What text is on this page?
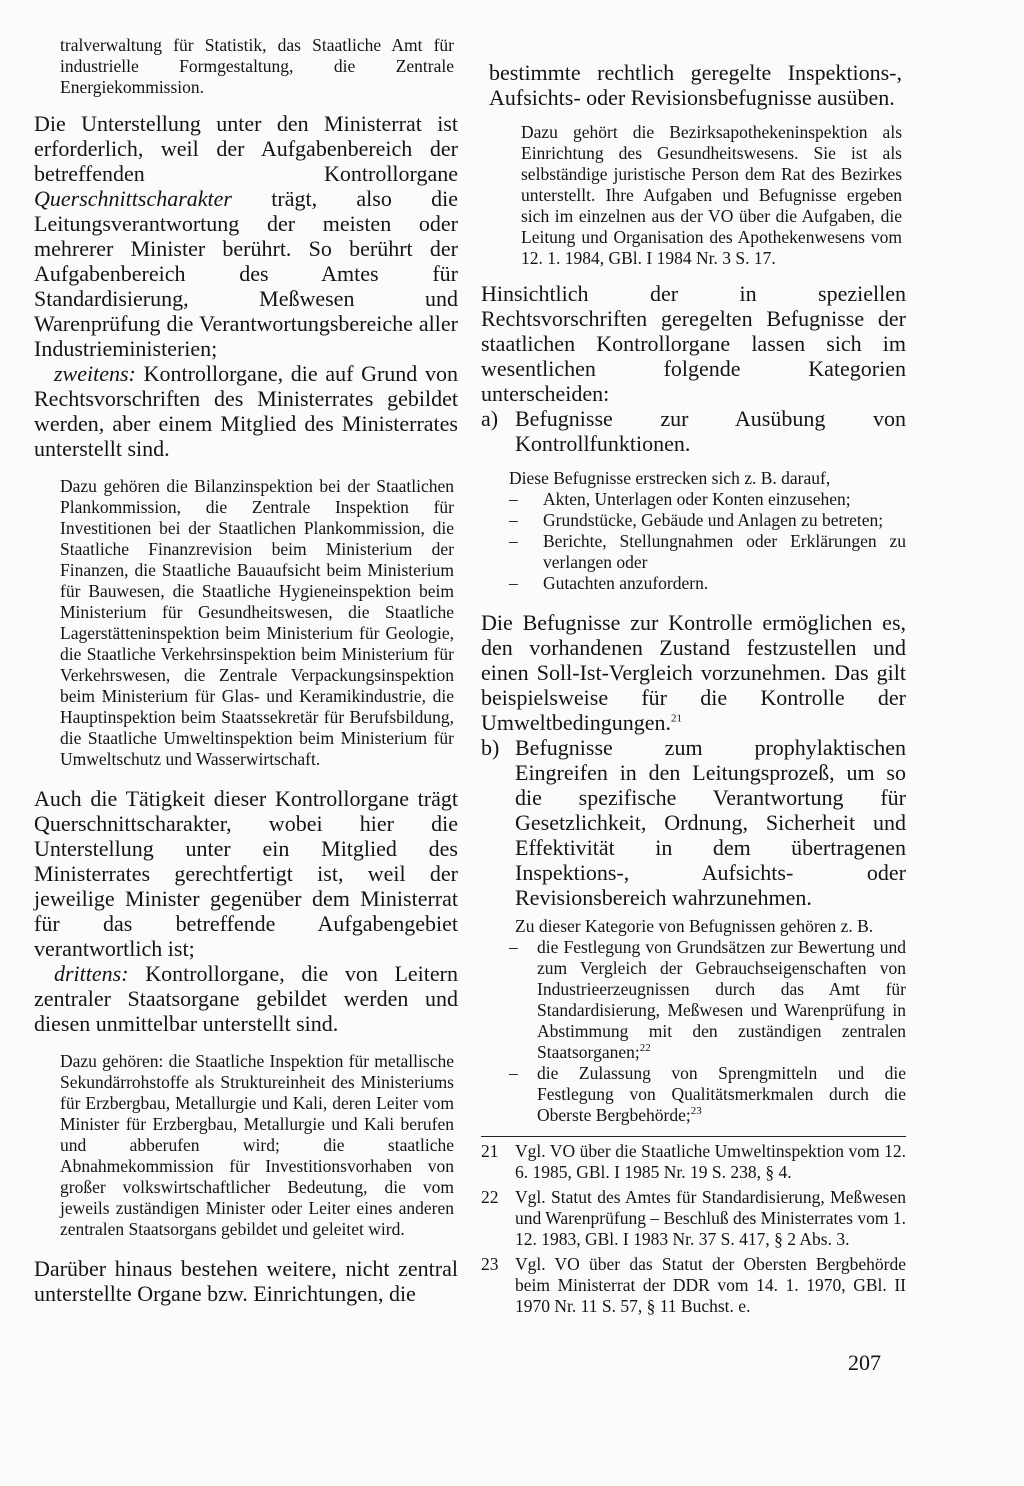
tralverwaltung für Statistik, das Staatliche Amt für industrielle Formgestaltung, die Zentrale Energiekommission.

Die Unterstellung unter den Ministerrat ist erforderlich, weil der Aufgabenbereich der betreffenden Kontrollorgane Querschnittscharakter trägt, also die Leitungsverantwortung der meisten oder mehrerer Minister berührt. So berührt der Aufgabenbereich des Amtes für Standardisierung, Meßwesen und Warenprüfung die Verantwortungsbereiche aller Industrieministerien;

zweitens: Kontrollorgane, die auf Grund von Rechtsvorschriften des Ministerrates gebildet werden, aber einem Mitglied des Ministerrates unterstellt sind.

Dazu gehören die Bilanzinspektion bei der Staatlichen Plankommission, die Zentrale Inspektion für Investitionen bei der Staatlichen Plankommission, die Staatliche Finanzrevision beim Ministerium der Finanzen, die Staatliche Bauaufsicht beim Ministerium für Bauwesen, die Staatliche Hygieneinspektion beim Ministerium für Gesundheitswesen, die Staatliche Lagerstätteninspektion beim Ministerium für Geologie, die Staatliche Verkehrsinspektion beim Ministerium für Verkehrswesen, die Zentrale Verpackungsinspektion beim Ministerium für Glas- und Keramikindustrie, die Hauptinspektion beim Staatssekretär für Berufsbildung, die Staatliche Umweltinspektion beim Ministerium für Umweltschutz und Wasserwirtschaft.

Auch die Tätigkeit dieser Kontrollorgane trägt Querschnittscharakter, wobei hier die Unterstellung unter ein Mitglied des Ministerrates gerechtfertigt ist, weil der jeweilige Minister gegenüber dem Ministerrat für das betreffende Aufgabengebiet verantwortlich ist;

drittens: Kontrollorgane, die von Leitern zentraler Staatsorgane gebildet werden und diesen unmittelbar unterstellt sind.

Dazu gehören: die Staatliche Inspektion für metallische Sekundärrohstoffe als Struktureinheit des Ministeriums für Erzbergbau, Metallurgie und Kali, deren Leiter vom Minister für Erzbergbau, Metallurgie und Kali berufen und abberufen wird; die staatliche Abnahmekommission für Investitionsvorhaben von großer volkswirtschaftlicher Bedeutung, die vom jeweils zuständigen Minister oder Leiter eines anderen zentralen Staatsorgans gebildet und geleitet wird.

Darüber hinaus bestehen weitere, nicht zentral unterstellte Organe bzw. Einrichtungen, die

bestimmte rechtlich geregelte Inspektions-, Aufsichts- oder Revisionsbefugnisse ausüben.

Dazu gehört die Bezirksapothekeninspektion als Einrichtung des Gesundheitswesens. Sie ist als selbständige juristische Person dem Rat des Bezirkes unterstellt. Ihre Aufgaben und Befugnisse ergeben sich im einzelnen aus der VO über die Aufgaben, die Leitung und Organisation des Apothekenwesens vom 12. 1. 1984, GBl. I 1984 Nr. 3 S. 17.

Hinsichtlich der in speziellen Rechtsvorschriften geregelten Befugnisse der staatlichen Kontrollorgane lassen sich im wesentlichen folgende Kategorien unterscheiden:

a) Befugnisse zur Ausübung von Kontrollfunktionen.

Diese Befugnisse erstrecken sich z. B. darauf,

–	Akten, Unterlagen oder Konten einzusehen;
–	Grundstücke, Gebäude und Anlagen zu betreten;
–	Berichte, Stellungnahmen oder Erklärungen zu verlangen oder
–	Gutachten anzufordern.

Die Befugnisse zur Kontrolle ermöglichen es, den vorhandenen Zustand festzustellen und einen Soll-Ist-Vergleich vorzunehmen. Das gilt beispielsweise für die Kontrolle der Umweltbedingungen.$^{21}$

b) Befugnisse zum prophylaktischen Eingreifen in den Leitungsprozeß, um so die spezifische Verantwortung für Gesetzlichkeit, Ordnung, Sicherheit und Effektivität in dem übertragenen Inspektions-, Aufsichts- oder Revisionsbereich wahrzunehmen.

Zu dieser Kategorie von Befugnissen gehören z. B.

–	die Festlegung von Grundsätzen zur Bewertung und zum Vergleich der Gebrauchseigenschaften von Industrieerzeugnissen durch das Amt für Standardisierung, Meßwesen und Warenprüfung in Abstimmung mit den zuständigen zentralen Staatsorganen;$^{22}$
–	die Zulassung von Sprengmitteln und die Festlegung von Qualitätsmerkmalen durch die Oberste Bergbehörde;$^{23}$
21 Vgl. VO über die Staatliche Umweltinspektion vom 12. 6. 1985, GBl. I 1985 Nr. 19 S. 238, § 4.
22 Vgl. Statut des Amtes für Standardisierung, Meßwesen und Warenprüfung – Beschluß des Ministerrates vom 1. 12. 1983, GBl. I 1983 Nr. 37 S. 417, § 2 Abs. 3.
23 Vgl. VO über das Statut der Obersten Bergbehörde beim Ministerrat der DDR vom 14. 1. 1970, GBl. II 1970 Nr. 11 S. 57, § 11 Buchst. e.
207
